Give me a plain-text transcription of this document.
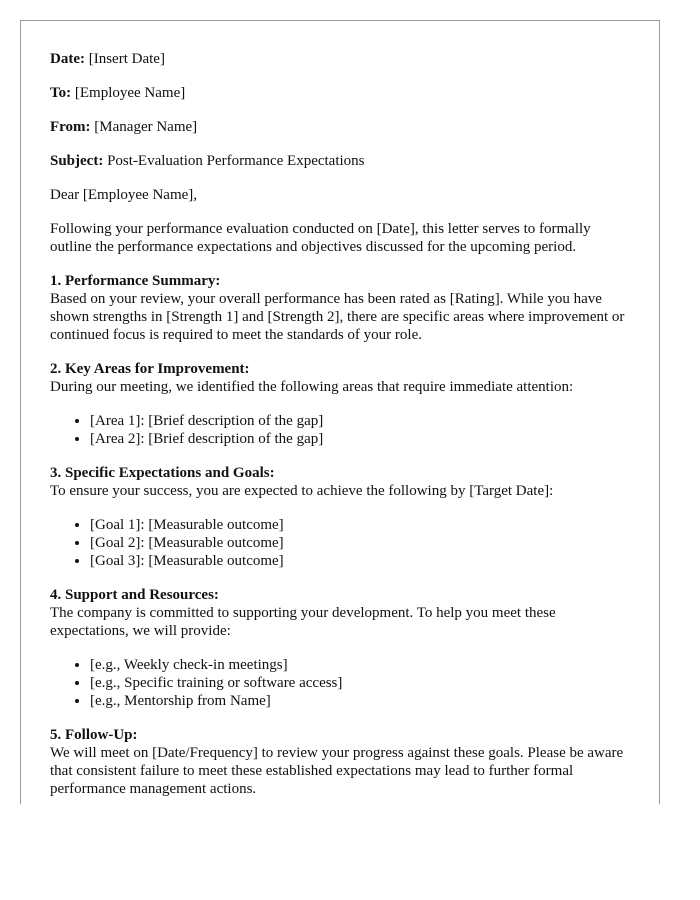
Date: [Insert Date]

To: [Employee Name]

From: [Manager Name]

Subject: Post-Evaluation Performance Expectations

Dear [Employee Name],

Following your performance evaluation conducted on [Date], this letter serves to formally outline the performance expectations and objectives discussed for the upcoming period.

1. Performance Summary:
Based on your review, your overall performance has been rated as [Rating]. While you have shown strengths in [Strength 1] and [Strength 2], there are specific areas where improvement or continued focus is required to meet the standards of your role.
2. Key Areas for Improvement:
During our meeting, we identified the following areas that require immediate attention:
• [Area 1]: [Brief description of the gap]
• [Area 2]: [Brief description of the gap]
3. Specific Expectations and Goals:
To ensure your success, you are expected to achieve the following by [Target Date]:
• [Goal 1]: [Measurable outcome]
• [Goal 2]: [Measurable outcome]
• [Goal 3]: [Measurable outcome]
4. Support and Resources:
The company is committed to supporting your development. To help you meet these expectations, we will provide:
• [e.g., Weekly check-in meetings]
• [e.g., Specific training or software access]
• [e.g., Mentorship from Name]
5. Follow-Up:
We will meet on [Date/Frequency] to review your progress against these goals. Please be aware that consistent failure to meet these established expectations may lead to further formal performance management actions.
